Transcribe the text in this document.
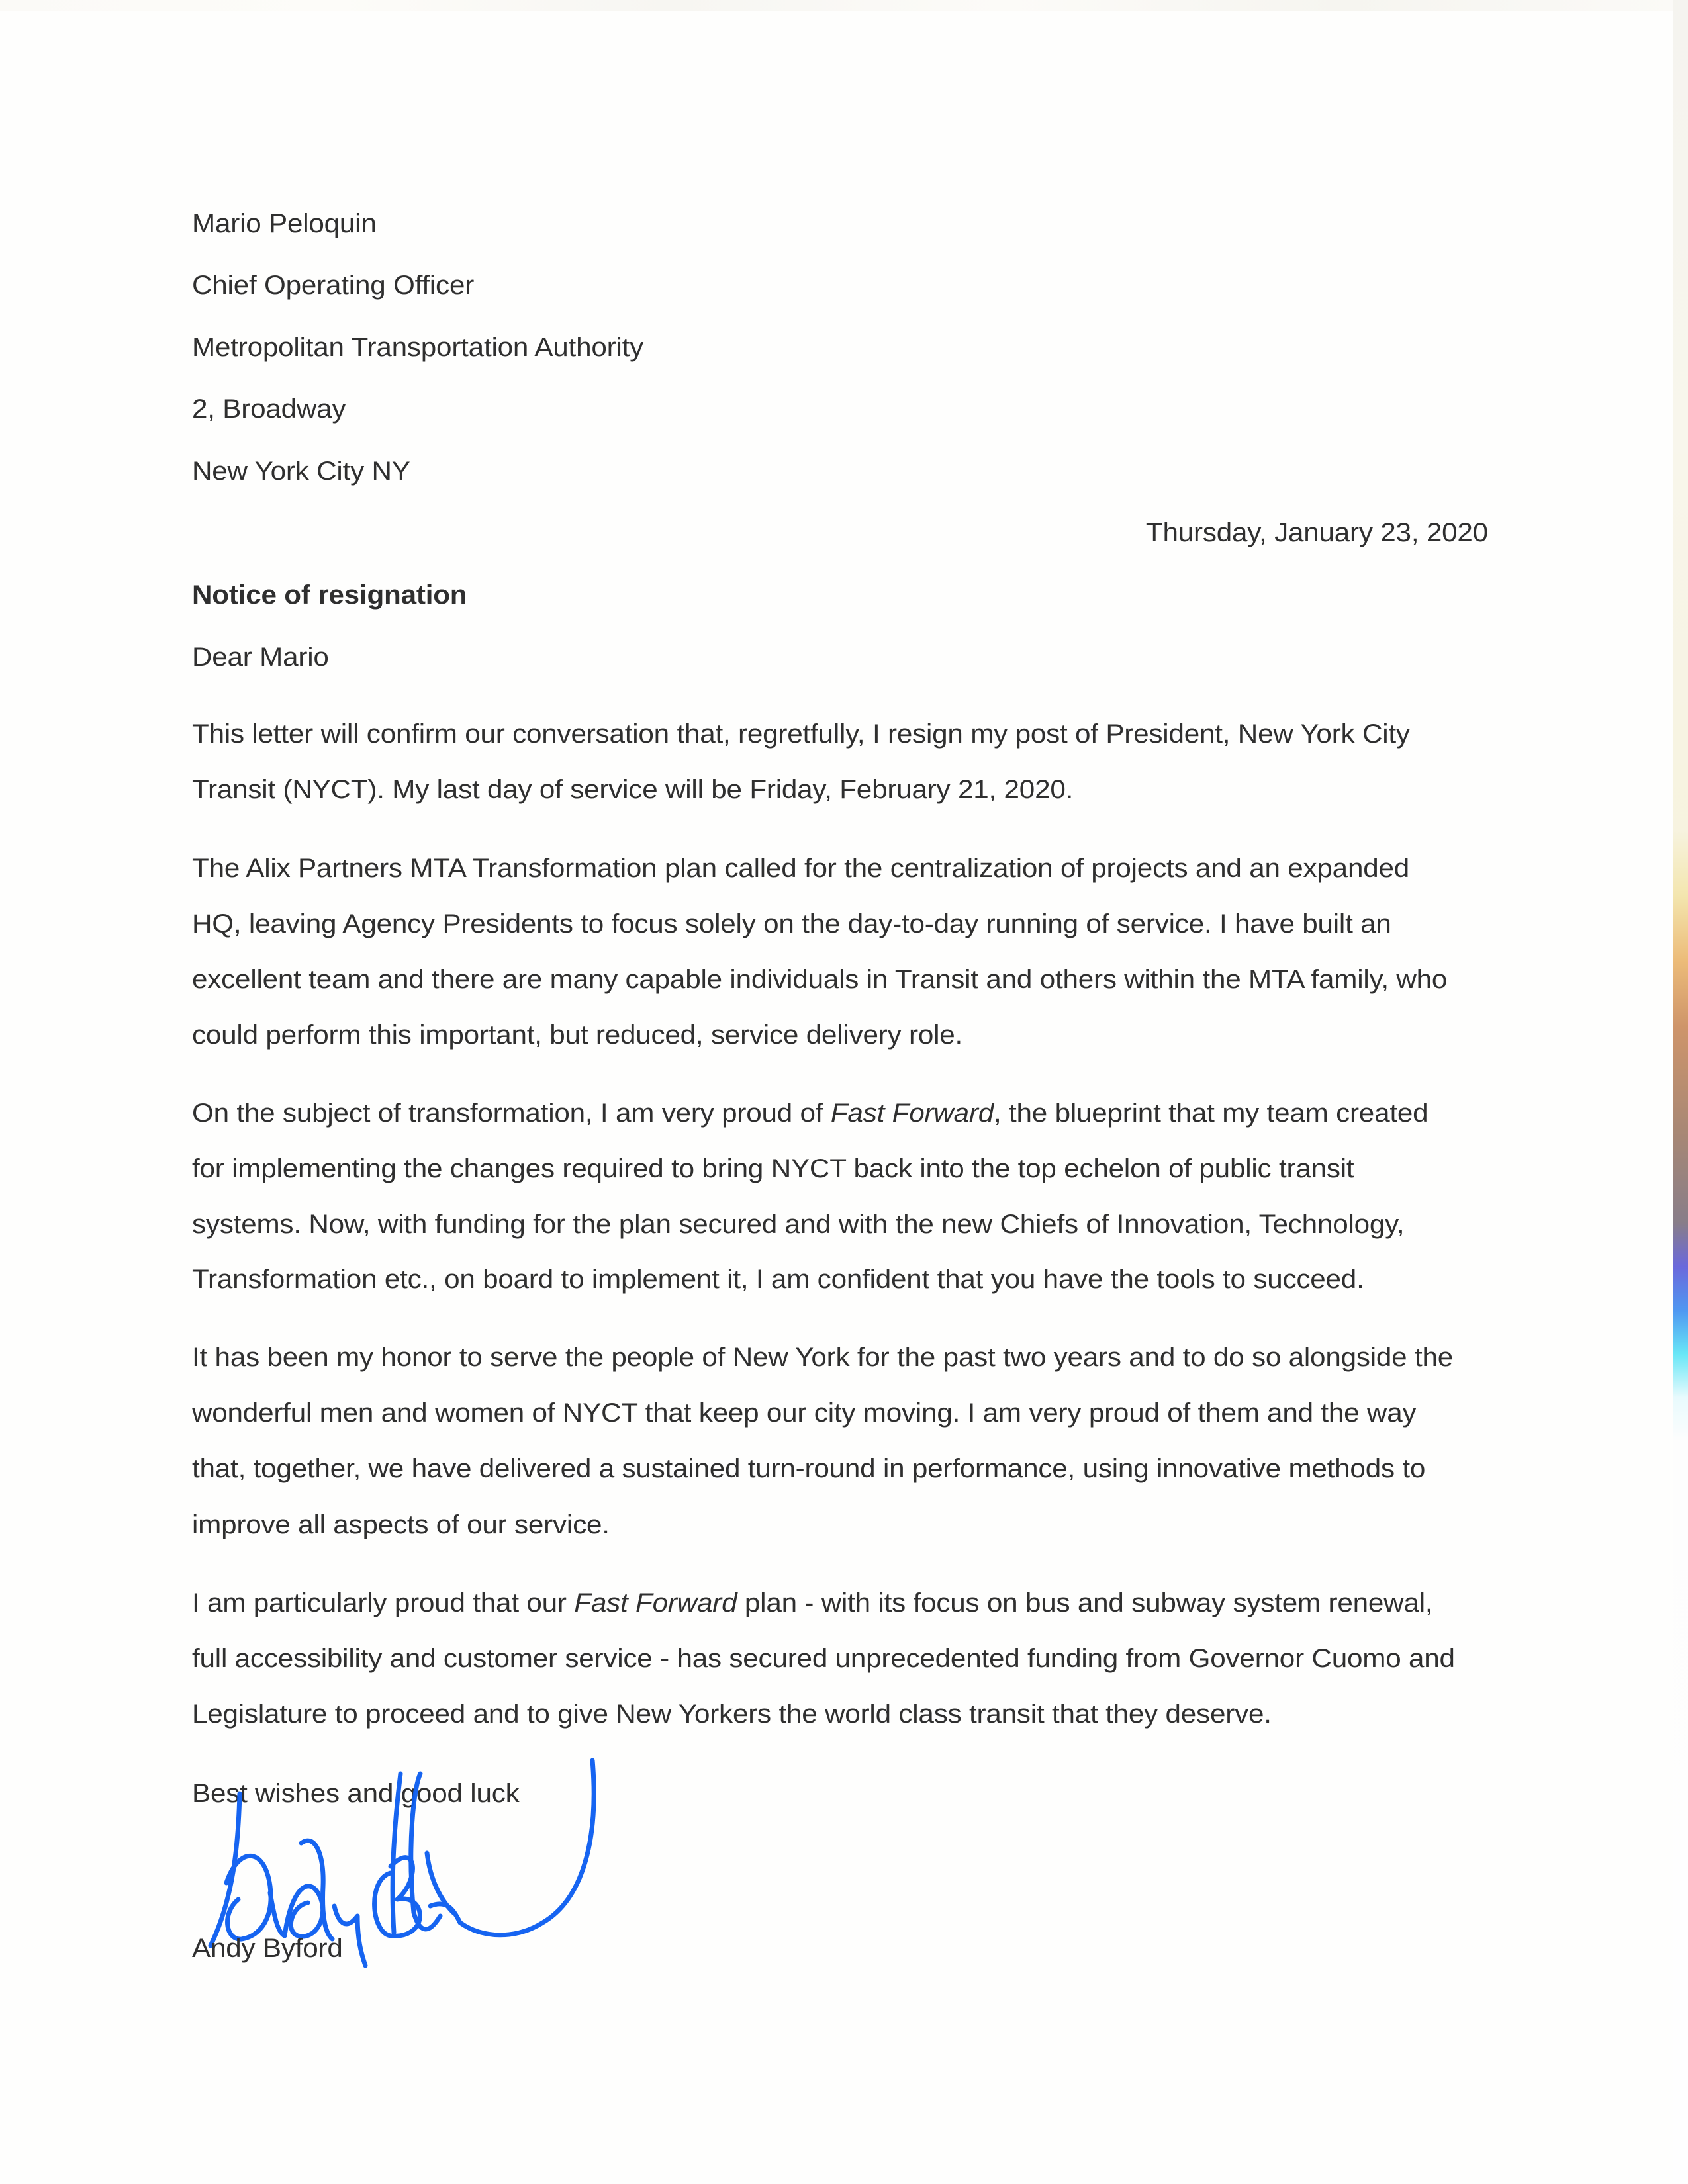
Mario Peloquin
Chief Operating Officer
Metropolitan Transportation Authority
2, Broadway
New York City NY
Thursday, January 23, 2020
Notice of resignation
Dear Mario
This letter will confirm our conversation that, regretfully, I resign my post of President, New York City
Transit (NYCT). My last day of service will be Friday, February 21, 2020.
The Alix Partners MTA Transformation plan called for the centralization of projects and an expanded
HQ, leaving Agency Presidents to focus solely on the day-to-day running of service. I have built an
excellent team and there are many capable individuals in Transit and others within the MTA family, who
could perform this important, but reduced, service delivery role.
On the subject of transformation, I am very proud of Fast Forward, the blueprint that my team created
for implementing the changes required to bring NYCT back into the top echelon of public transit
systems. Now, with funding for the plan secured and with the new Chiefs of Innovation, Technology,
Transformation etc., on board to implement it, I am confident that you have the tools to succeed.
It has been my honor to serve the people of New York for the past two years and to do so alongside the
wonderful men and women of NYCT that keep our city moving. I am very proud of them and the way
that, together, we have delivered a sustained turn-round in performance, using innovative methods to
improve all aspects of our service.
I am particularly proud that our Fast Forward plan - with its focus on bus and subway system renewal,
full accessibility and customer service - has secured unprecedented funding from Governor Cuomo and
Legislature to proceed and to give New Yorkers the world class transit that they deserve.
Best wishes and good luck
Andy Byford
